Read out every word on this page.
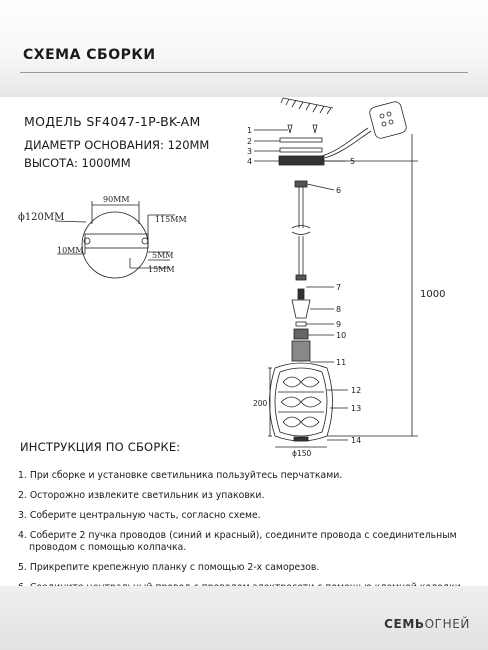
СХЕМА СБОРКИ
МОДЕЛЬ SF4047-1P-BK-AM
ДИАМЕТР ОСНОВАНИЯ: 120ММ
ВЫСОТА: 1000ММ
90MM
ϕ120MM	115MM
10MM
5MM
15MM
1
2
3
4	5
6
7
8
9
10
11
12
13
14
1000
200
ϕ150
ИНСТРУКЦИЯ ПО СБОРКЕ:
1. При сборке и установке светильника пользуйтесь перчатками.
2. Осторожно извлеките светильник из упаковки.
3. Соберите центральную часть, согласно схеме.
4. Соберите 2 пучка проводов (синий и красный), соедините провода с соединительным
проводом с помощью колпачка.
5. Прикрепите крепежную планку с помощью 2-х саморезов.
СЕМЬОГНЕЙ
